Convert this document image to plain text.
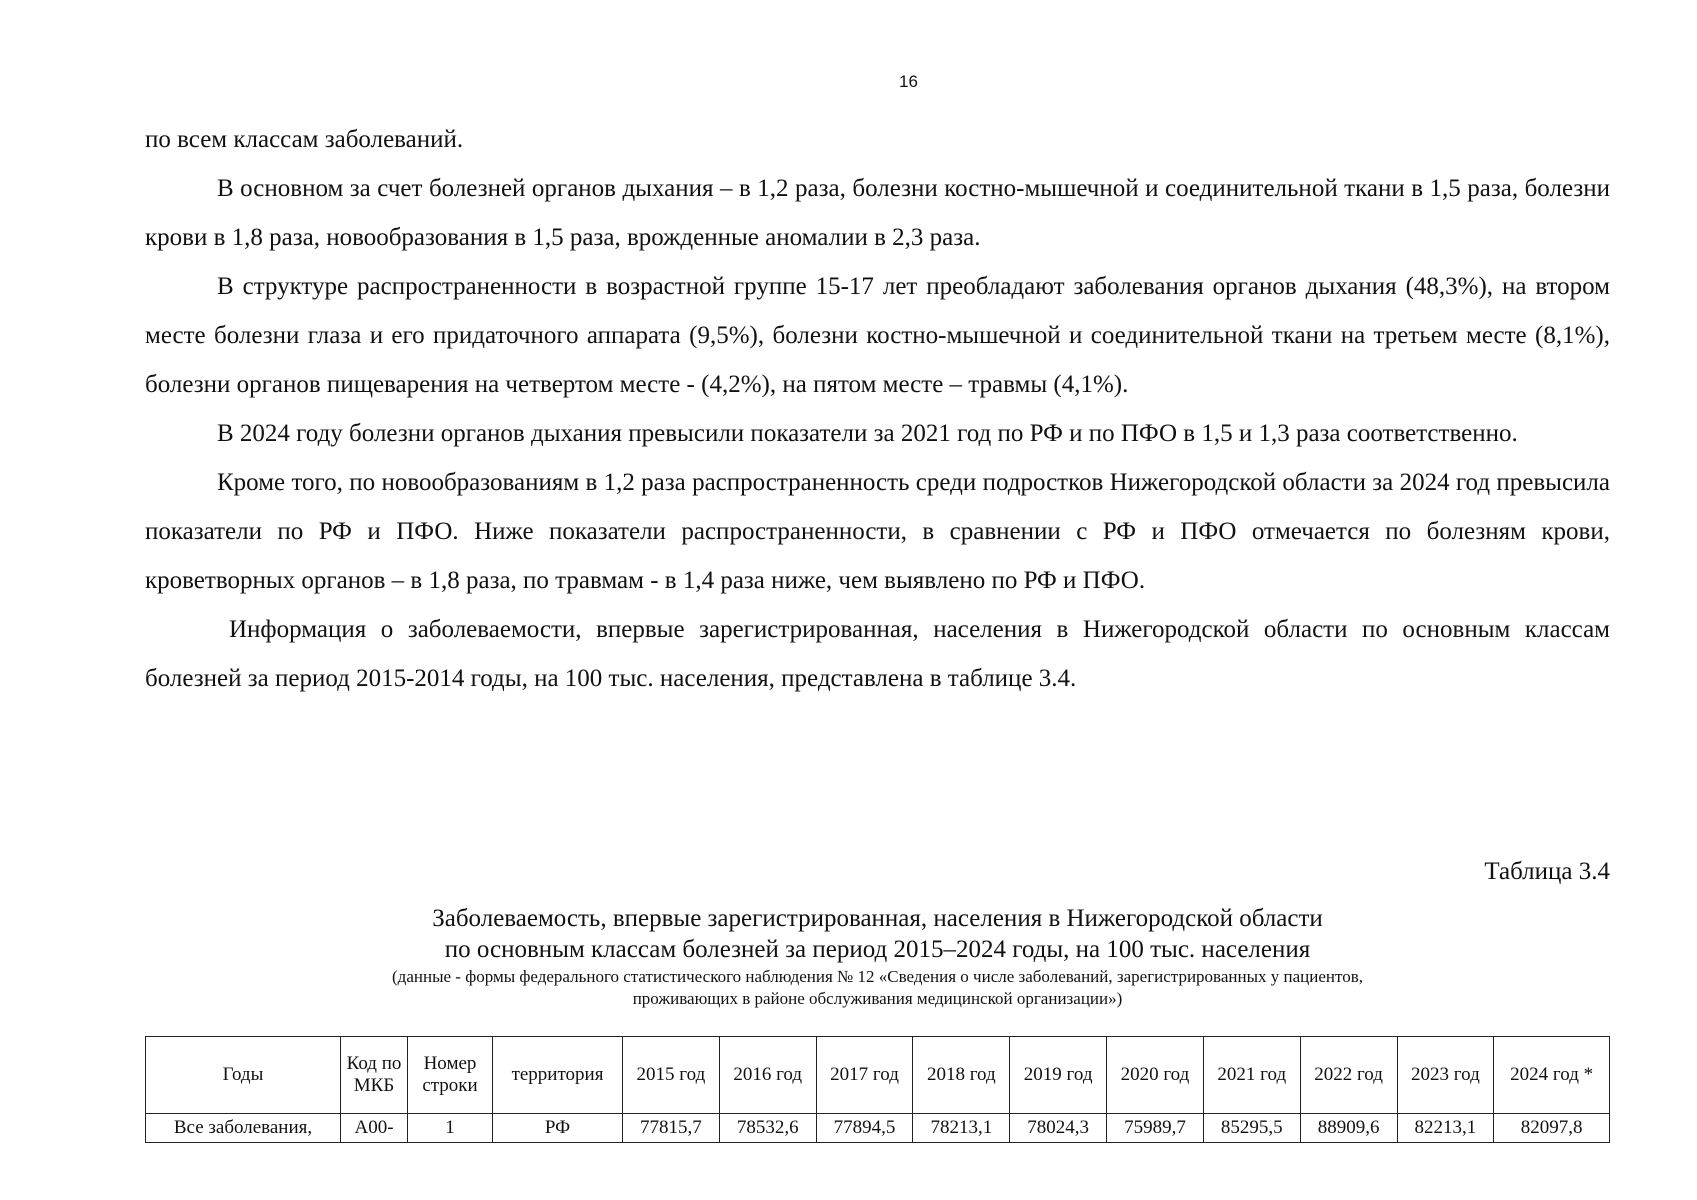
16

по всем классам заболеваний.

В основном за счет болезней органов дыхания – в 1,2 раза, болезни костно-мышечной и соединительной ткани в 1,5 раза, болезни крови в 1,8 раза, новообразования в 1,5 раза, врожденные аномалии в 2,3 раза.

В структуре распространенности в возрастной группе 15-17 лет преобладают заболевания органов дыхания (48,3%), на втором месте болезни глаза и его придаточного аппарата (9,5%), болезни костно-мышечной и соединительной ткани на третьем месте (8,1%), болезни органов пищеварения на четвертом месте - (4,2%), на пятом месте – травмы (4,1%).

В 2024 году болезни органов дыхания превысили показатели за 2021 год по РФ и по ПФО в 1,5 и 1,3 раза соответственно.

Кроме того, по новообразованиям в 1,2 раза распространенность среди подростков Нижегородской области за 2024 год превысила показатели по РФ и ПФО. Ниже показатели распространенности, в сравнении с РФ и ПФО отмечается по болезням крови, кроветворных органов – в 1,8 раза, по травмам - в 1,4 раза ниже, чем выявлено по РФ и ПФО.

Информация о заболеваемости, впервые зарегистрированная, населения в Нижегородской области по основным классам болезней за период 2015-2014 годы, на 100 тыс. населения, представлена в таблице 3.4.

Таблица 3.4
Заболеваемость, впервые зарегистрированная, населения в Нижегородской области
по основным классам болезней за период 2015–2024 годы, на 100 тыс. населения
(данные - формы федерального статистического наблюдения № 12 «Сведения о числе заболеваний, зарегистрированных у пациентов,
проживающих в районе обслуживания медицинской организации»)
Годы	Код по МКБ	Номер строки	территория	2015 год	2016 год	2017 год	2018 год	2019 год	2020 год	2021 год	2022 год	2023 год	2024 год *
Все заболевания,	А00-	1	РФ	77815,7	78532,6	77894,5	78213,1	78024,3	75989,7	85295,5	88909,6	82213,1	82097,8
